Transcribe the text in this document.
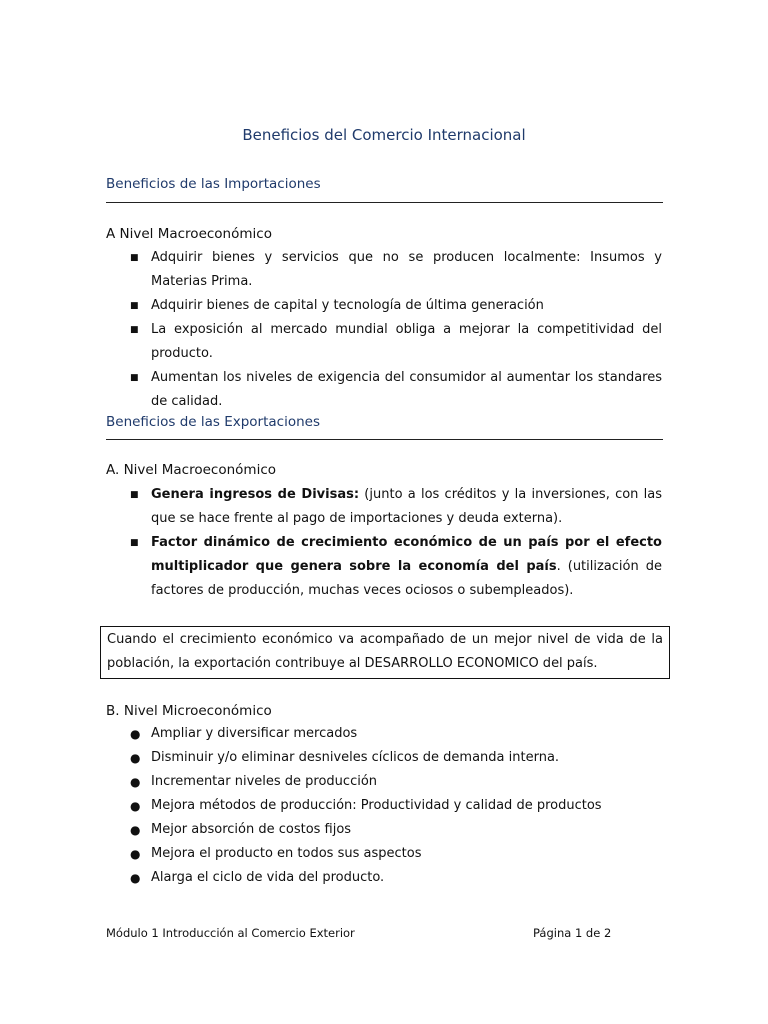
Beneficios del Comercio Internacional
Beneficios de las Importaciones
A Nivel Macroeconómico
■ Adquirir bienes y servicios que no se producen localmente: Insumos y Materias Prima.
■ Adquirir bienes de capital y tecnología de última generación
■ La exposición al mercado mundial obliga a mejorar la competitividad del producto.
■ Aumentan los niveles de exigencia del consumidor al aumentar los standares de calidad.
Beneficios de las Exportaciones
A. Nivel Macroeconómico
■ Genera ingresos de Divisas: (junto a los créditos y la inversiones, con las que se hace frente al pago de importaciones y deuda externa).
■ Factor dinámico de crecimiento económico de un país por el efecto multiplicador que genera sobre la economía del país. (utilización de factores de producción, muchas veces ociosos o subempleados).
Cuando el crecimiento económico va acompañado de un mejor nivel de vida de la población, la exportación contribuye al DESARROLLO ECONOMICO del país.
B. Nivel Microeconómico
● Ampliar y diversificar mercados
● Disminuir y/o eliminar desniveles cíclicos de demanda interna.
● Incrementar niveles de producción
● Mejora métodos de producción: Productividad y calidad de productos
● Mejor absorción de costos fijos
● Mejora el producto en todos sus aspectos
● Alarga el ciclo de vida del producto.
Módulo 1 Introducción al Comercio Exterior	Página 1 de 2
